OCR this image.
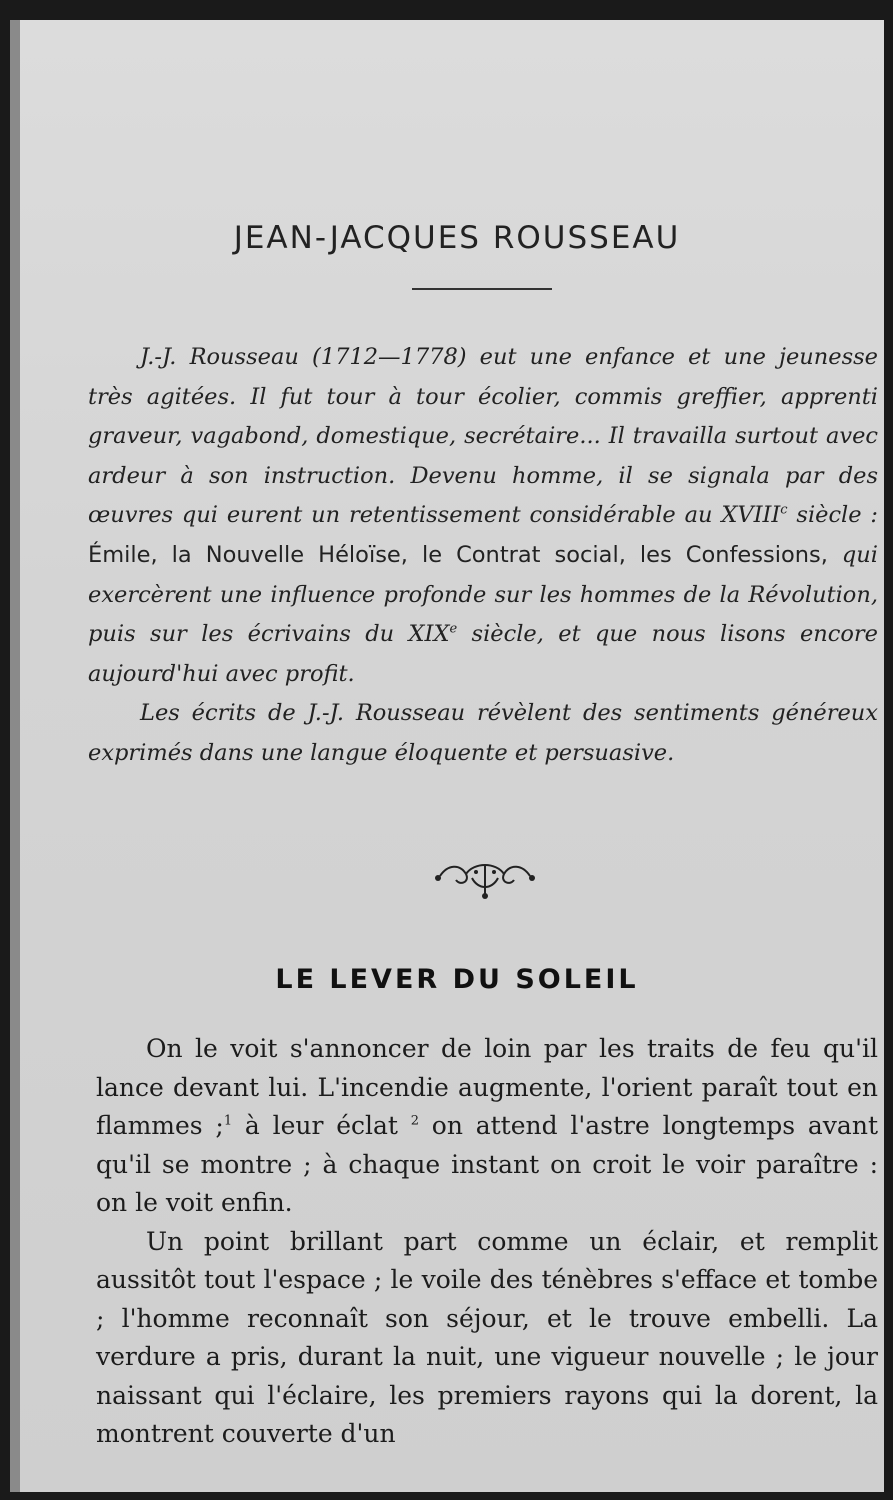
JEAN-JACQUES ROUSSEAU

J.-J. Rousseau (1712—1778) eut une enfance et une jeunesse très agitées. Il fut tour à tour écolier, commis greffier, apprenti graveur, vagabond, domestique, secrétaire... Il travailla surtout avec ardeur à son instruction. Devenu homme, il se signala par des œuvres qui eurent un retentissement considérable au XVIII$^c$ siècle : Émile, la Nouvelle Héloïse, le Contrat social, les Confessions, qui exercèrent une influence profonde sur les hommes de la Révolution, puis sur les écrivains du XIXe siècle, et que nous lisons encore aujourd'hui avec profit.

Les écrits de J.-J. Rousseau révèlent des sentiments généreux exprimés dans une langue éloquente et persuasive.

LE LEVER DU SOLEIL

On le voit s'annoncer de loin par les traits de feu qu'il lance devant lui. L'incendie augmente, l'orient paraît tout en flammes ;$^1$ à leur éclat $^2$ on attend l'astre longtemps avant qu'il se montre ; à chaque instant on croit le voir paraître : on le voit enfin.

Un point brillant part comme un éclair, et remplit aussitôt tout l'espace ; le voile des ténèbres s'efface et tombe ; l'homme reconnaît son séjour, et le trouve embelli. La verdure a pris, durant la nuit, une vigueur nouvelle ; le jour naissant qui l'éclaire, les premiers rayons qui la dorent, la montrent couverte d'un
